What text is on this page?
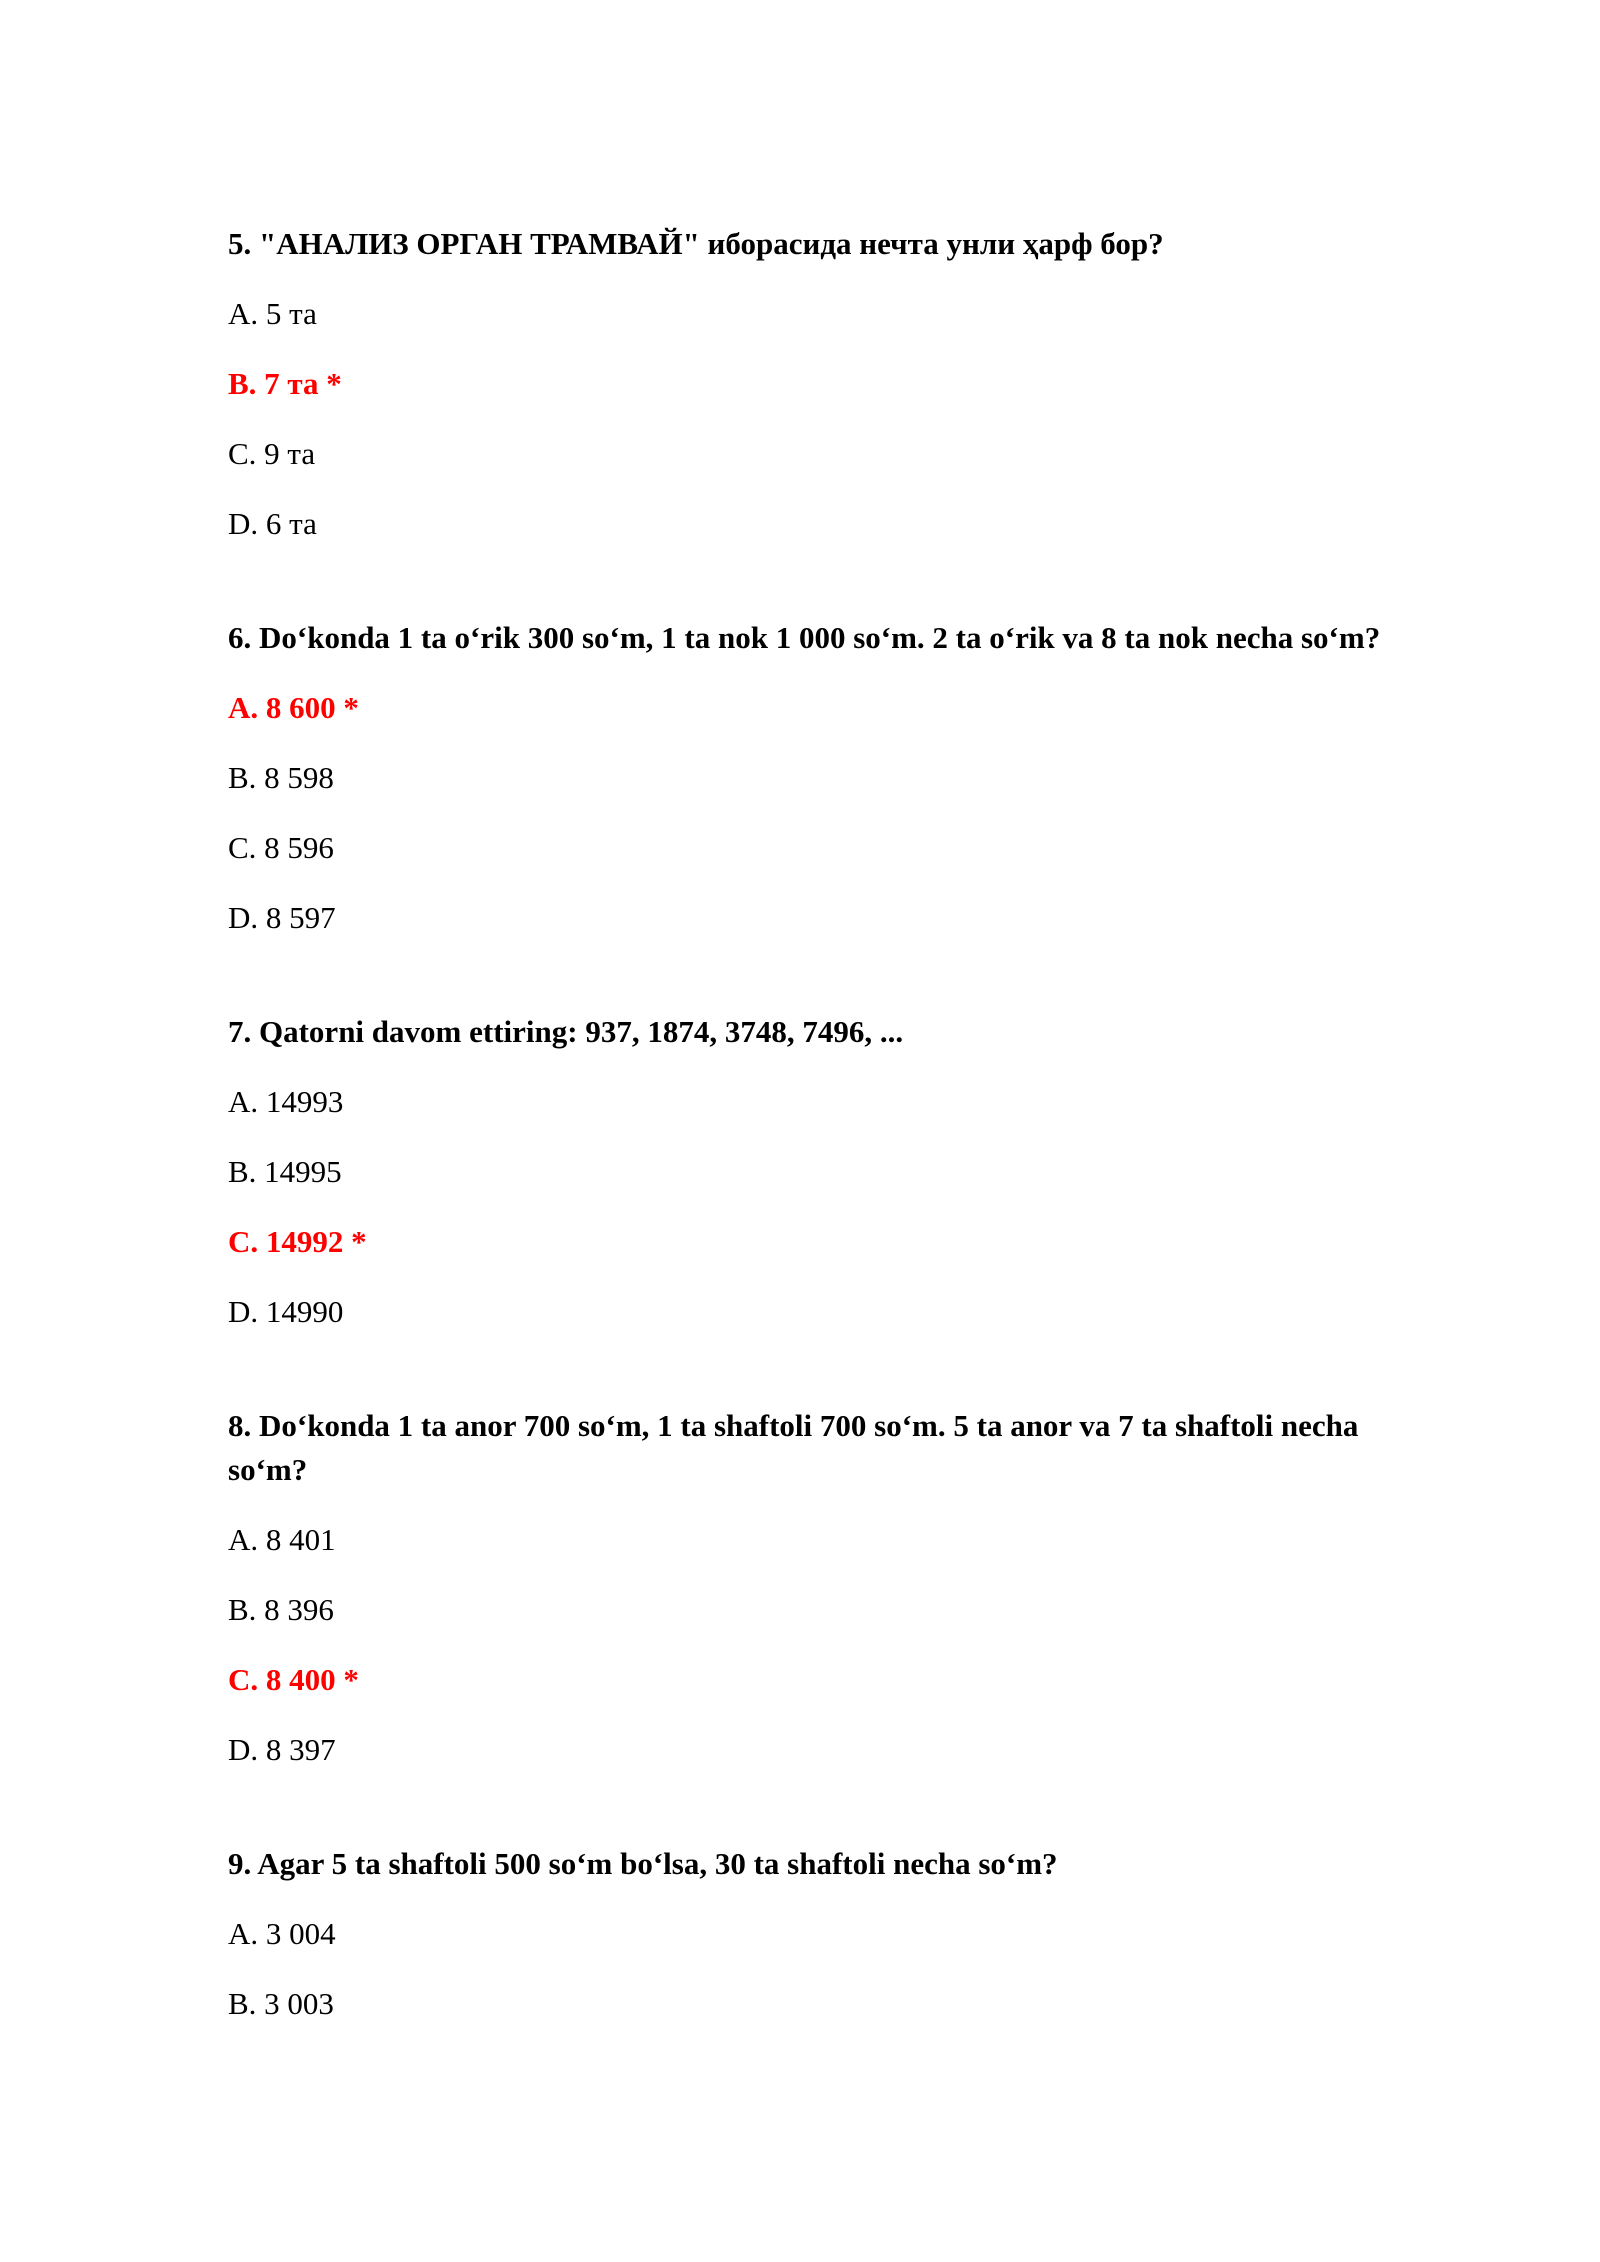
5. "АНАЛИЗ ОРГАН ТРАМВАЙ" иборасида нечта унли ҳарф бор?
A. 5 та
B. 7 та *
C. 9 та
D. 6 та
6. Do‘konda 1 ta o‘rik 300 so‘m, 1 ta nok 1 000 so‘m. 2 ta o‘rik va 8 ta nok necha so‘m?
A. 8 600 *
B. 8 598
C. 8 596
D. 8 597
7. Qatorni davom ettiring: 937, 1874, 3748, 7496, ...
A. 14993
B. 14995
C. 14992 *
D. 14990
8. Do‘konda 1 ta anor 700 so‘m, 1 ta shaftoli 700 so‘m. 5 ta anor va 7 ta shaftoli necha so‘m?
A. 8 401
B. 8 396
C. 8 400 *
D. 8 397
9. Agar 5 ta shaftoli 500 so‘m bo‘lsa, 30 ta shaftoli necha so‘m?
A. 3 004
B. 3 003
